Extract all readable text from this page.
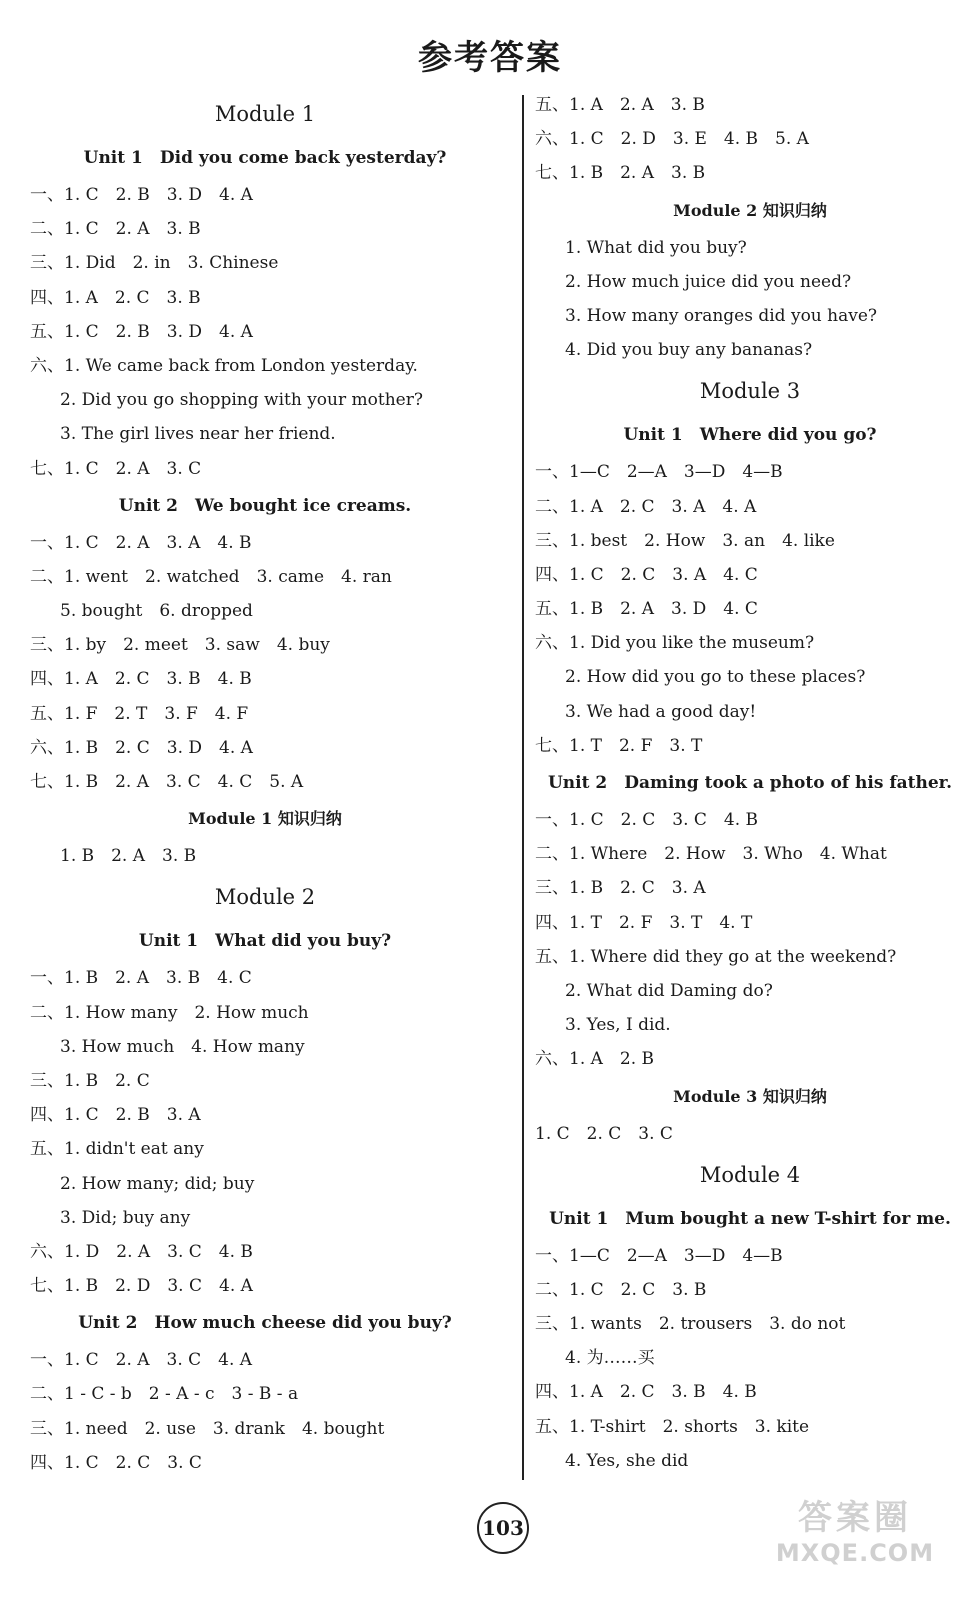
参考答案
Module 1
Unit 1　Did you come back yesterday?
一、1. C　2. B　3. D　4. A
二、1. C　2. A　3. B
三、1. Did　2. in　3. Chinese
四、1. A　2. C　3. B
五、1. C　2. B　3. D　4. A
六、1. We came back from London yesterday.
2. Did you go shopping with your mother?
3. The girl lives near her friend.
七、1. C　2. A　3. C
Unit 2　We bought ice creams.
一、1. C　2. A　3. A　4. B
二、1. went　2. watched　3. came　4. ran
5. bought　6. dropped
三、1. by　2. meet　3. saw　4. buy
四、1. A　2. C　3. B　4. B
五、1. F　2. T　3. F　4. F
六、1. B　2. C　3. D　4. A
七、1. B　2. A　3. C　4. C　5. A
Module 1 知识归纳
1. B　2. A　3. B
Module 2
Unit 1　What did you buy?
一、1. B　2. A　3. B　4. C
二、1. How many　2. How much
3. How much　4. How many
三、1. B　2. C
四、1. C　2. B　3. A
五、1. didn't eat any
2. How many; did; buy
3. Did; buy any
六、1. D　2. A　3. C　4. B
七、1. B　2. D　3. C　4. A
Unit 2　How much cheese did you buy?
一、1. C　2. A　3. C　4. A
二、1 - C - b　2 - A - c　3 - B - a
三、1. need　2. use　3. drank　4. bought
四、1. C　2. C　3. C
五、1. A　2. A　3. B
六、1. C　2. D　3. E　4. B　5. A
七、1. B　2. A　3. B
Module 2 知识归纳
1. What did you buy?
2. How much juice did you need?
3. How many oranges did you have?
4. Did you buy any bananas?
Module 3
Unit 1　Where did you go?
一、1—C　2—A　3—D　4—B
二、1. A　2. C　3. A　4. A
三、1. best　2. How　3. an　4. like
四、1. C　2. C　3. A　4. C
五、1. B　2. A　3. D　4. C
六、1. Did you like the museum?
2. How did you go to these places?
3. We had a good day!
七、1. T　2. F　3. T
Unit 2　Daming took a photo of his father.
一、1. C　2. C　3. C　4. B
二、1. Where　2. How　3. Who　4. What
三、1. B　2. C　3. A
四、1. T　2. F　3. T　4. T
五、1. Where did they go at the weekend?
2. What did Daming do?
3. Yes, I did.
六、1. A　2. B
Module 3 知识归纳
1. C　2. C　3. C
Module 4
Unit 1　Mum bought a new T-shirt for me.
一、1—C　2—A　3—D　4—B
二、1. C　2. C　3. B
三、1. wants　2. trousers　3. do not
4. 为……买
四、1. A　2. C　3. B　4. B
五、1. T-shirt　2. shorts　3. kite
4. Yes, she did
103	答案圈
MXQE.COM
